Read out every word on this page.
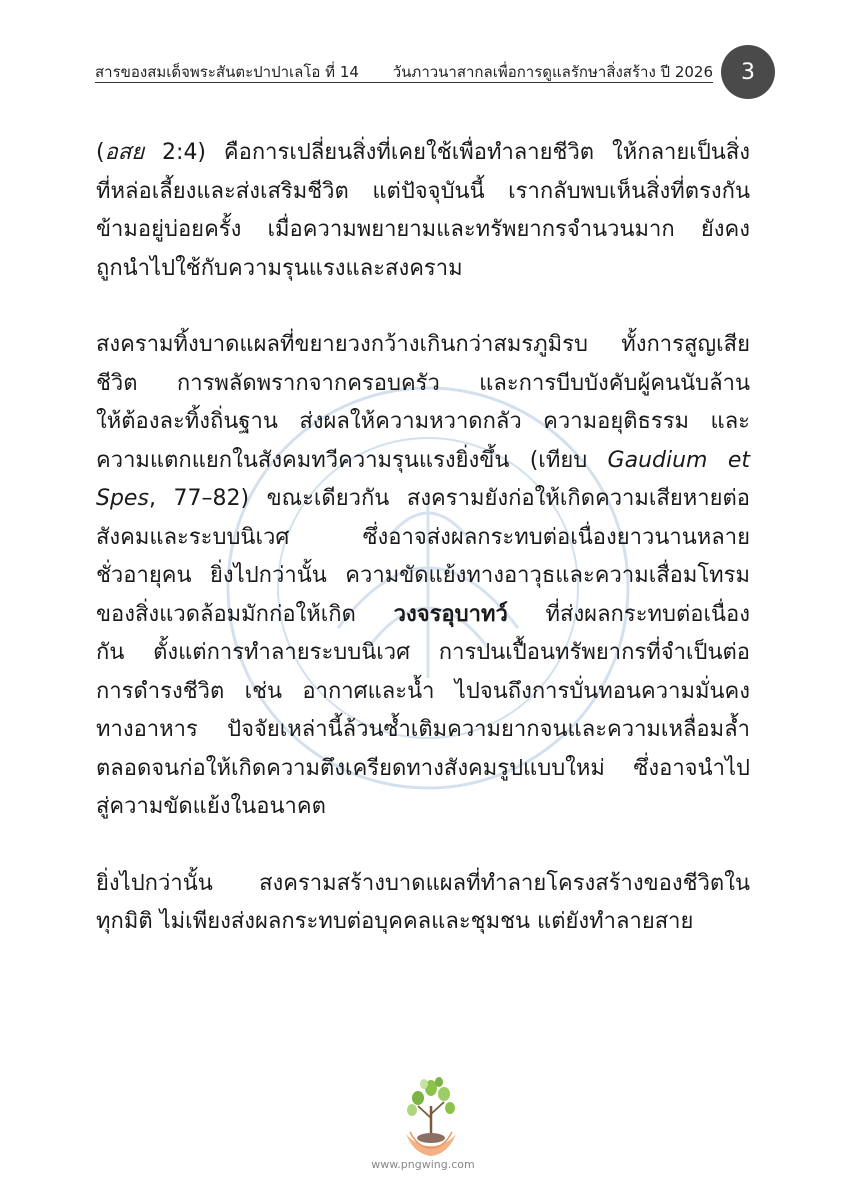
สารของสมเด็จพระสันตะปาปาเลโอ ที่ 14 วันภาวนาสากลเพื่อการดูแลรักษาสิ่งสร้าง ปี 2026 3

(อสย 2:4) คือการเปลี่ยนสิ่งที่เคยใช้เพื่อทำลายชีวิต ให้กลายเป็นสิ่ง
ที่หล่อเลี้ยงและส่งเสริมชีวิต แต่ปัจจุบันนี้ เรากลับพบเห็นสิ่งที่ตรงกัน
ข้ามอยู่บ่อยครั้ง เมื่อความพยายามและทรัพยากรจำนวนมาก ยังคง
ถูกนำไปใช้กับความรุนแรงและสงคราม

สงครามทิ้งบาดแผลที่ขยายวงกว้างเกินกว่าสมรภูมิรบ ทั้งการสูญเสีย
ชีวิต การพลัดพรากจากครอบครัว และการบีบบังคับผู้คนนับล้าน
ให้ต้องละทิ้งถิ่นฐาน ส่งผลให้ความหวาดกลัว ความอยุติธรรม และ
ความแตกแยกในสังคมทวีความรุนแรงยิ่งขึ้น (เทียบ Gaudium et
Spes, 77–82) ขณะเดียวกัน สงครามยังก่อให้เกิดความเสียหายต่อ
สังคมและระบบนิเวศ ซึ่งอาจส่งผลกระทบต่อเนื่องยาวนานหลาย
ชั่วอายุคน ยิ่งไปกว่านั้น ความขัดแย้งทางอาวุธและความเสื่อมโทรม
ของสิ่งแวดล้อมมักก่อให้เกิด วงจรอุบาทว์ ที่ส่งผลกระทบต่อเนื่อง
กัน ตั้งแต่การทำลายระบบนิเวศ การปนเปื้อนทรัพยากรที่จำเป็นต่อ
การดำรงชีวิต เช่น อากาศและน้ำ ไปจนถึงการบั่นทอนความมั่นคง
ทางอาหาร ปัจจัยเหล่านี้ล้วนซ้ำเติมความยากจนและความเหลื่อมล้ำ
ตลอดจนก่อให้เกิดความตึงเครียดทางสังคมรูปแบบใหม่ ซึ่งอาจนำไป
สู่ความขัดแย้งในอนาคต

ยิ่งไปกว่านั้น สงครามสร้างบาดแผลที่ทำลายโครงสร้างของชีวิตใน
ทุกมิติ ไม่เพียงส่งผลกระทบต่อบุคคลและชุมชน แต่ยังทำลายสาย

www.pngwing.com
